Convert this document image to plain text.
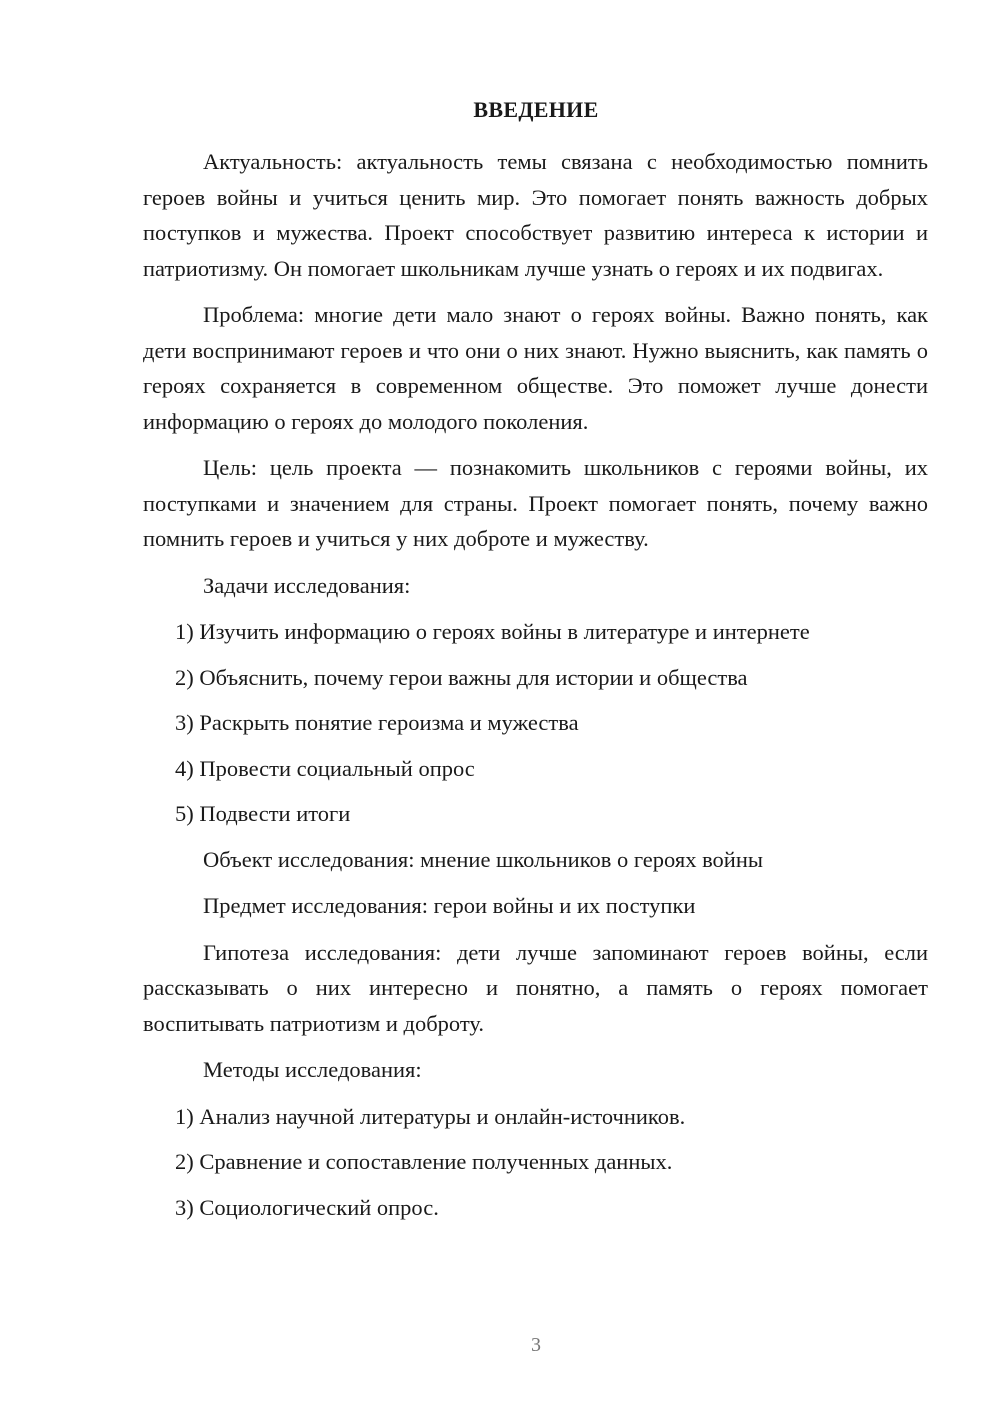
ВВЕДЕНИЕ

Актуальность: актуальность темы связана с необходимостью помнить героев войны и учиться ценить мир. Это помогает понять важность добрых поступков и мужества. Проект способствует развитию интереса к истории и патриотизму. Он помогает школьникам лучше узнать о героях и их подвигах.

Проблема: многие дети мало знают о героях войны. Важно понять, как дети воспринимают героев и что они о них знают. Нужно выяснить, как память о героях сохраняется в современном обществе. Это поможет лучше донести информацию о героях до молодого поколения.

Цель: цель проекта — познакомить школьников с героями войны, их поступками и значением для страны. Проект помогает понять, почему важно помнить героев и учиться у них доброте и мужеству.

Задачи исследования:

1) Изучить информацию о героях войны в литературе и интернете

2) Объяснить, почему герои важны для истории и общества

3) Раскрыть понятие героизма и мужества

4) Провести социальный опрос

5) Подвести итоги

Объект исследования: мнение школьников о героях войны

Предмет исследования: герои войны и их поступки

Гипотеза исследования: дети лучше запоминают героев войны, если рассказывать о них интересно и понятно, а память о героях помогает воспитывать патриотизм и доброту.

Методы исследования:

1) Анализ научной литературы и онлайн-источников.

2) Сравнение и сопоставление полученных данных.

3) Социологический опрос.

3
